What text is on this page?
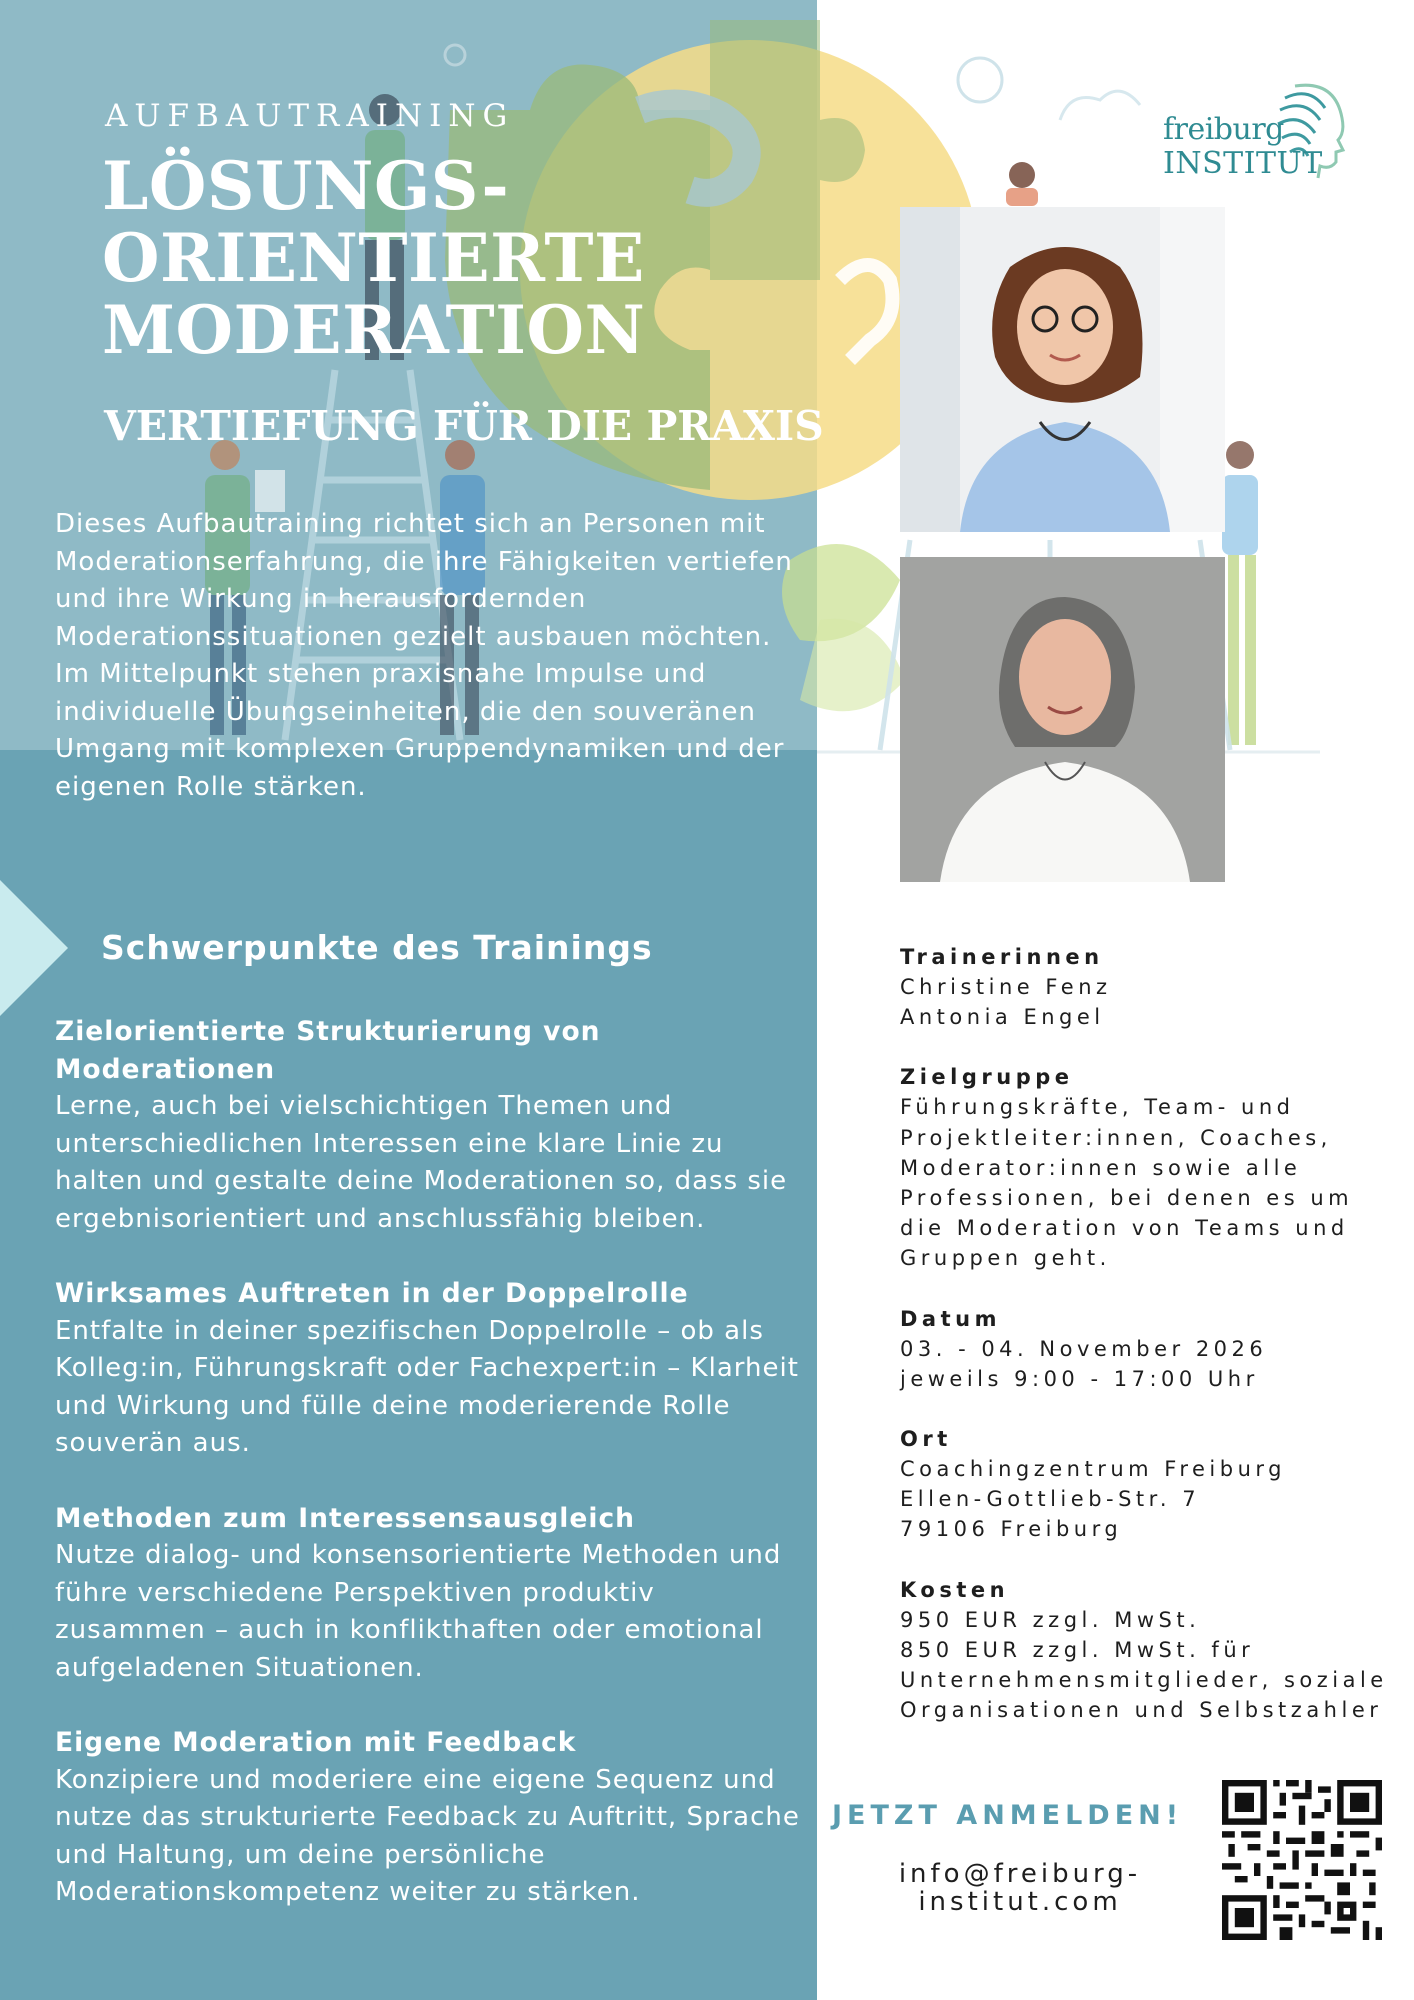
AUFBAUTRAINING

LÖSUNGS-
ORIENTIERTE
MODERATION
VERTIEFUNG FÜR DIE PRAXIS

Dieses Aufbautraining richtet sich an Personen mit Moderationserfahrung, die ihre Fähigkeiten vertiefen und ihre Wirkung in herausfordernden Moderationssituationen gezielt ausbauen möchten.

Im Mittelpunkt stehen praxisnahe Impulse und individuelle Übungseinheiten, die den souveränen Umgang mit komplexen Gruppendynamiken und der eigenen Rolle stärken.

Schwerpunkte des Trainings
Zielorientierte Strukturierung von Moderationen

Lerne, auch bei vielschichtigen Themen und unterschiedlichen Interessen eine klare Linie zu halten und gestalte deine Moderationen so, dass sie ergebnisorientiert und anschlussfähig bleiben.

Wirksames Auftreten in der Doppelrolle

Entfalte in deiner spezifischen Doppelrolle – ob als Kolleg:in, Führungskraft oder Fachexpert:in – Klarheit und Wirkung und fülle deine moderierende Rolle souverän aus.

Methoden zum Interessensausgleich

Nutze dialog- und konsensorientierte Methoden und führe verschiedene Perspektiven produktiv zusammen – auch in konflikthaften oder emotional aufgeladenen Situationen.

Eigene Moderation mit Feedback

Konzipiere und moderiere eine eigene Sequenz und nutze das strukturierte Feedback zu Auftritt, Sprache und Haltung, um deine persönliche Moderationskompetenz weiter zu stärken.

freiburg
INSTITUT
Trainerinnen

Christine Fenz

Antonia Engel

Zielgruppe

Führungskräfte, Team- und Projektleiter:innen, Coaches, Moderator:innen sowie alle Professionen, bei denen es um die Moderation von Teams und Gruppen geht.

Datum

03. - 04. November 2026

jeweils 9:00 - 17:00 Uhr

Ort

Coachingzentrum Freiburg

Ellen-Gottlieb-Str. 7

79106 Freiburg

Kosten

950 EUR zzgl. MwSt.

850 EUR zzgl. MwSt. für Unternehmensmitglieder, soziale Organisationen und Selbstzahler

JETZT ANMELDEN!

info@freiburg-institut.com
